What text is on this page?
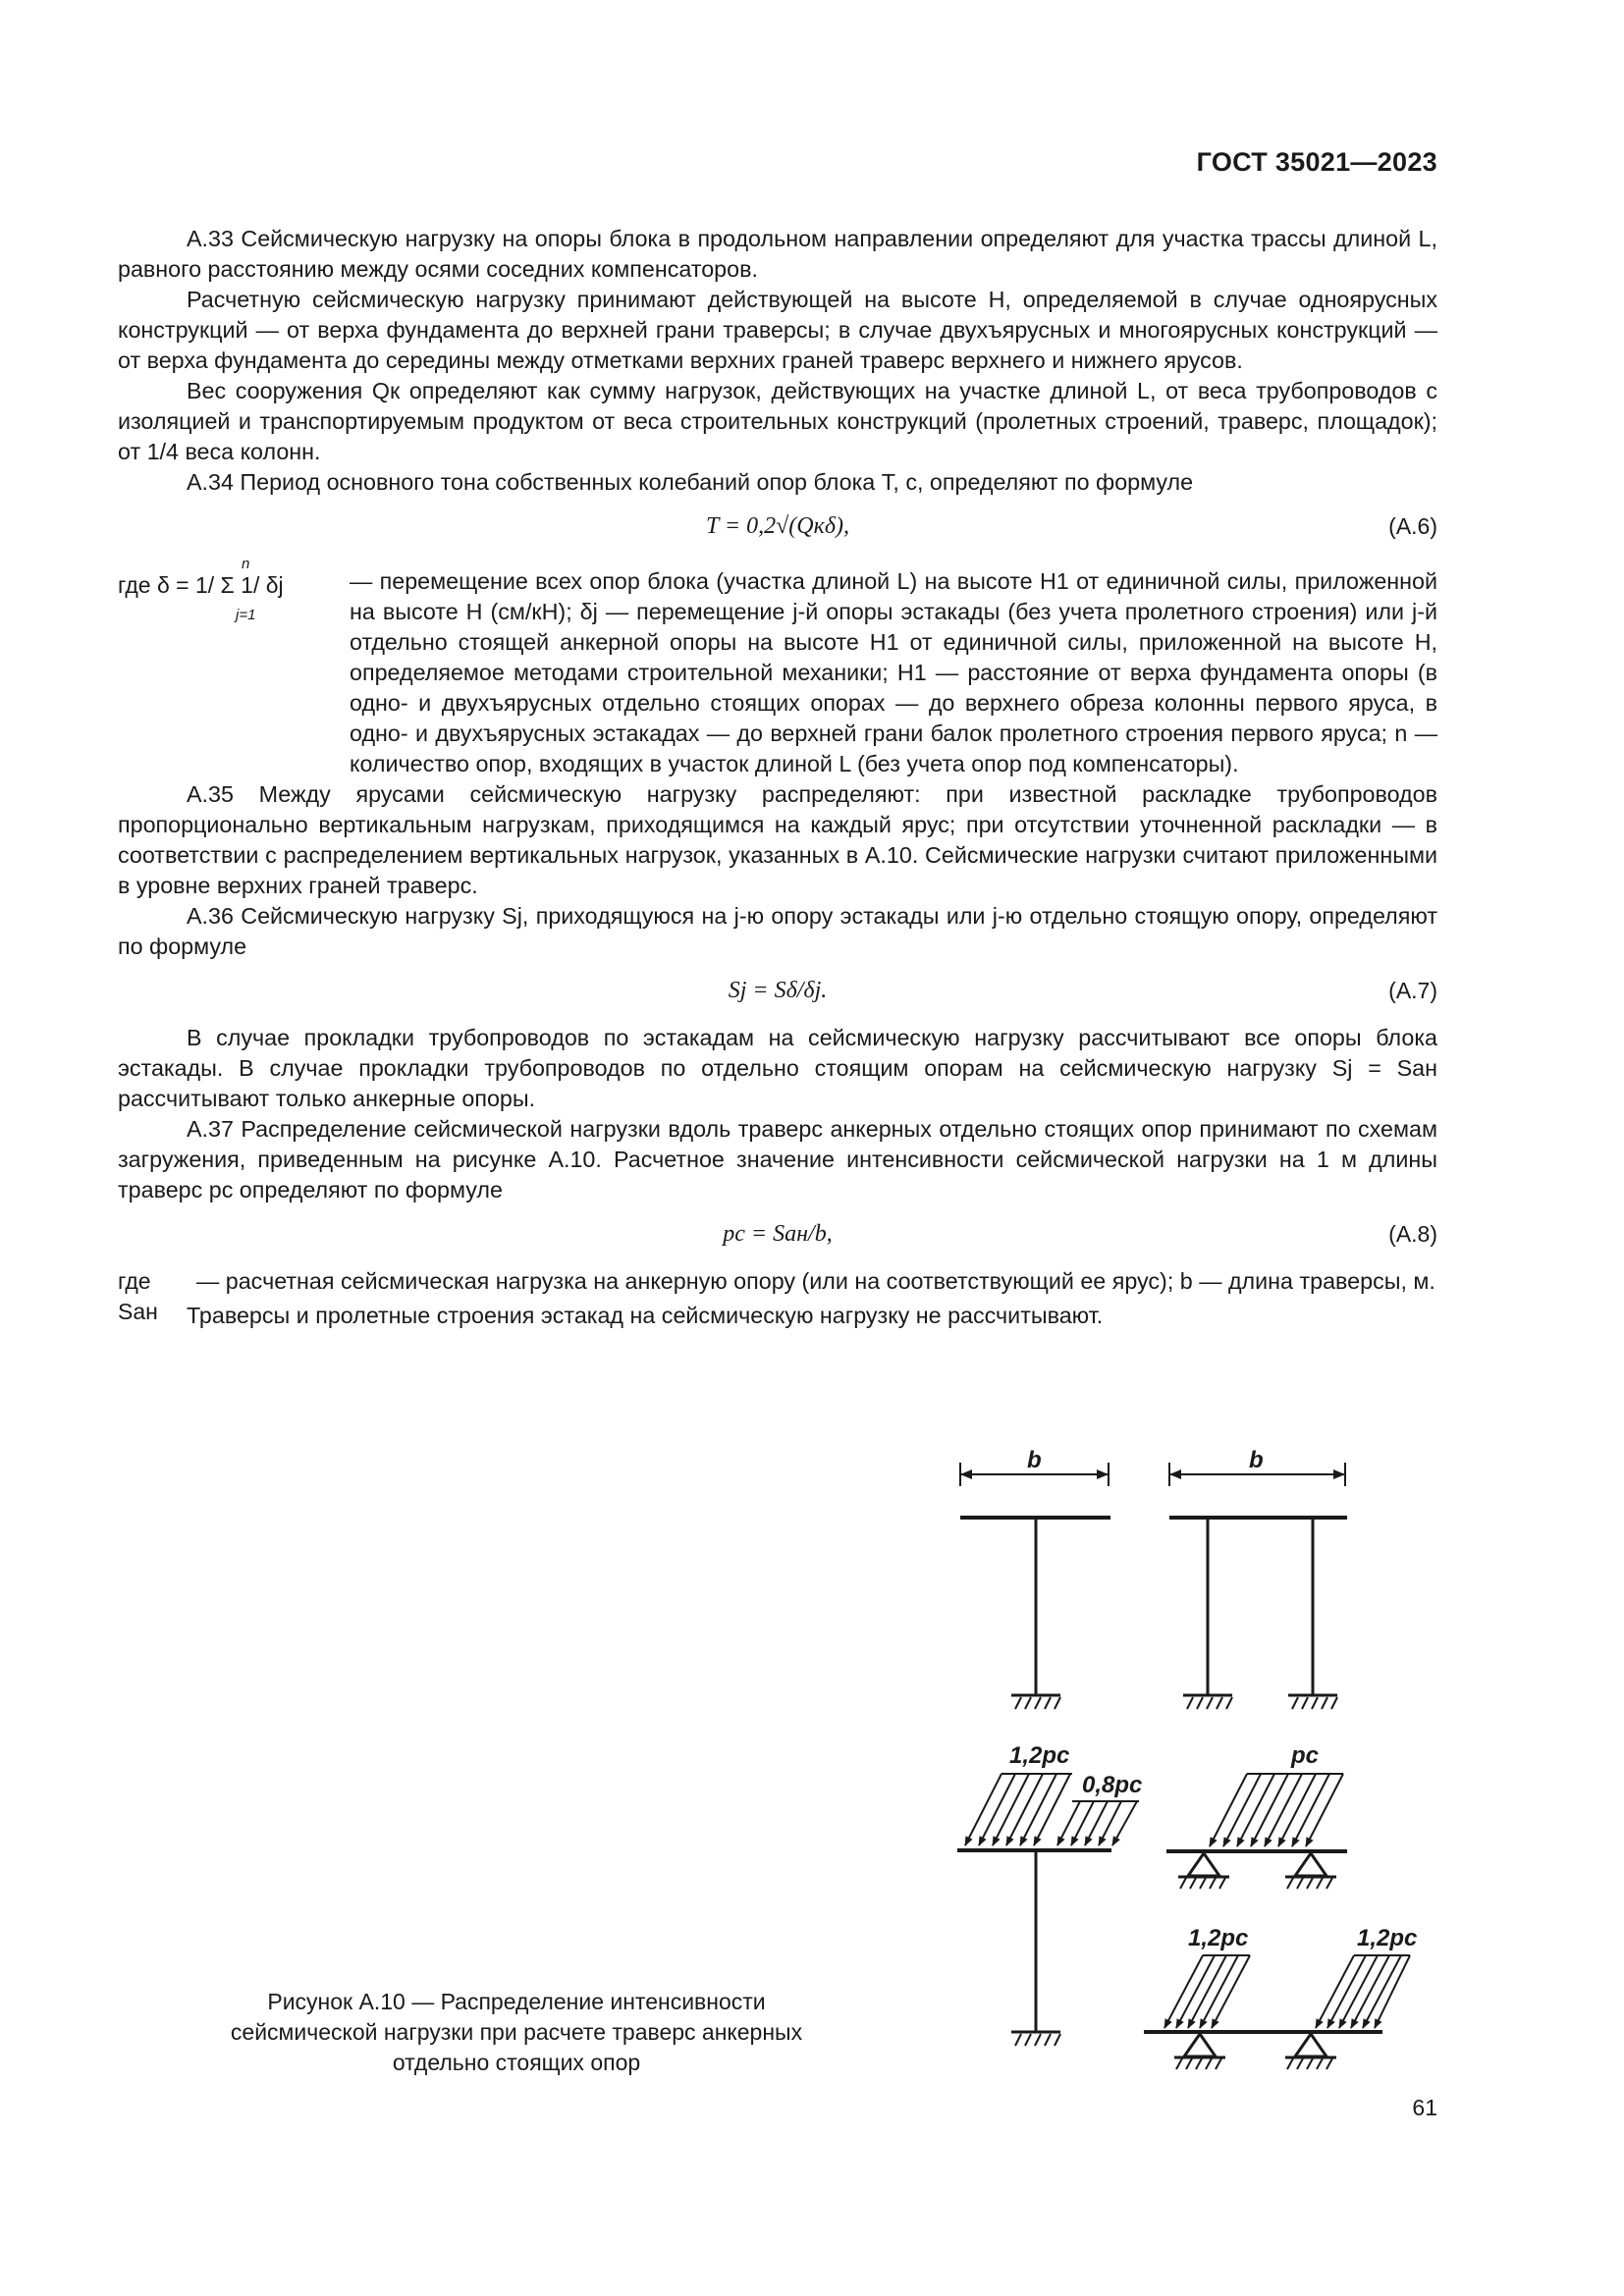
ГОСТ 35021—2023

А.33 Сейсмическую нагрузку на опоры блока в продольном направлении определяют для участка трассы длиной L, равного расстоянию между осями соседних компенсаторов.

Расчетную сейсмическую нагрузку принимают действующей на высоте H, определяемой в случае одноярусных конструкций — от верха фундамента до верхней грани траверсы; в случае двухъярусных и многоярусных конструкций — от верха фундамента до середины между отметками верхних граней траверс верхнего и нижнего ярусов.

Вес сооружения Qк определяют как сумму нагрузок, действующих на участке длиной L, от веса трубопроводов с изоляцией и транспортируемым продуктом от веса строительных конструкций (пролетных строений, траверс, площадок); от 1/4 веса колонн.

А.34 Период основного тона собственных колебаний опор блока T, с, определяют по формуле

T = 0,2√(Qкδ),	(А.6)
где δ = 1/ Σ 1/ δj
n
j=1
— перемещение всех опор блока (участка длиной L) на высоте H1 от единичной силы, приложенной на высоте H (см/кН); δj — перемещение j-й опоры эстакады (без учета пролетного строения) или j-й отдельно стоящей анкерной опоры на высоте H1 от единичной силы, приложенной на высоте H, определяемое методами строительной механики; H1 — расстояние от верха фундамента опоры (в одно- и двухъярусных отдельно стоящих опорах — до верхнего обреза колонны первого яруса, в одно- и двухъярусных эстакадах — до верхней грани балок пролетного строения первого яруса; n — количество опор, входящих в участок длиной L (без учета опор под компенсаторы).

А.35 Между ярусами сейсмическую нагрузку распределяют: при известной раскладке трубопроводов пропорционально вертикальным нагрузкам, приходящимся на каждый ярус; при отсутствии уточненной раскладки — в соответствии с распределением вертикальных нагрузок, указанных в А.10. Сейсмические нагрузки считают приложенными в уровне верхних граней траверс.

А.36 Сейсмическую нагрузку Sj, приходящуюся на j-ю опору эстакады или j-ю отдельно стоящую опору, определяют по формуле

Sj = Sδ/δj.	(А.7)

В случае прокладки трубопроводов по эстакадам на сейсмическую нагрузку рассчитывают все опоры блока эстакады. В случае прокладки трубопроводов по отдельно стоящим опорам на сейсмическую нагрузку Sj = Sан рассчитывают только анкерные опоры.

А.37 Распределение сейсмической нагрузки вдоль траверс анкерных отдельно стоящих опор принимают по схемам загружения, приведенным на рисунке А.10. Расчетное значение интенсивности сейсмической нагрузки на 1 м длины траверс pc определяют по формуле

pc = Sан/b,	(А.8)
где Sан
— расчетная сейсмическая нагрузка на анкерную опору (или на соответствующий ее ярус); b — длина траверсы, м.

Траверсы и пролетные строения эстакад на сейсмическую нагрузку не рассчитывают.

b	b
1,2pc
0,8pc
pc
1,2pc	1,2pc
Рисунок А.10 — Распределение интенсивности сейсмической нагрузки при расчете траверс анкерных отдельно стоящих опор
61
